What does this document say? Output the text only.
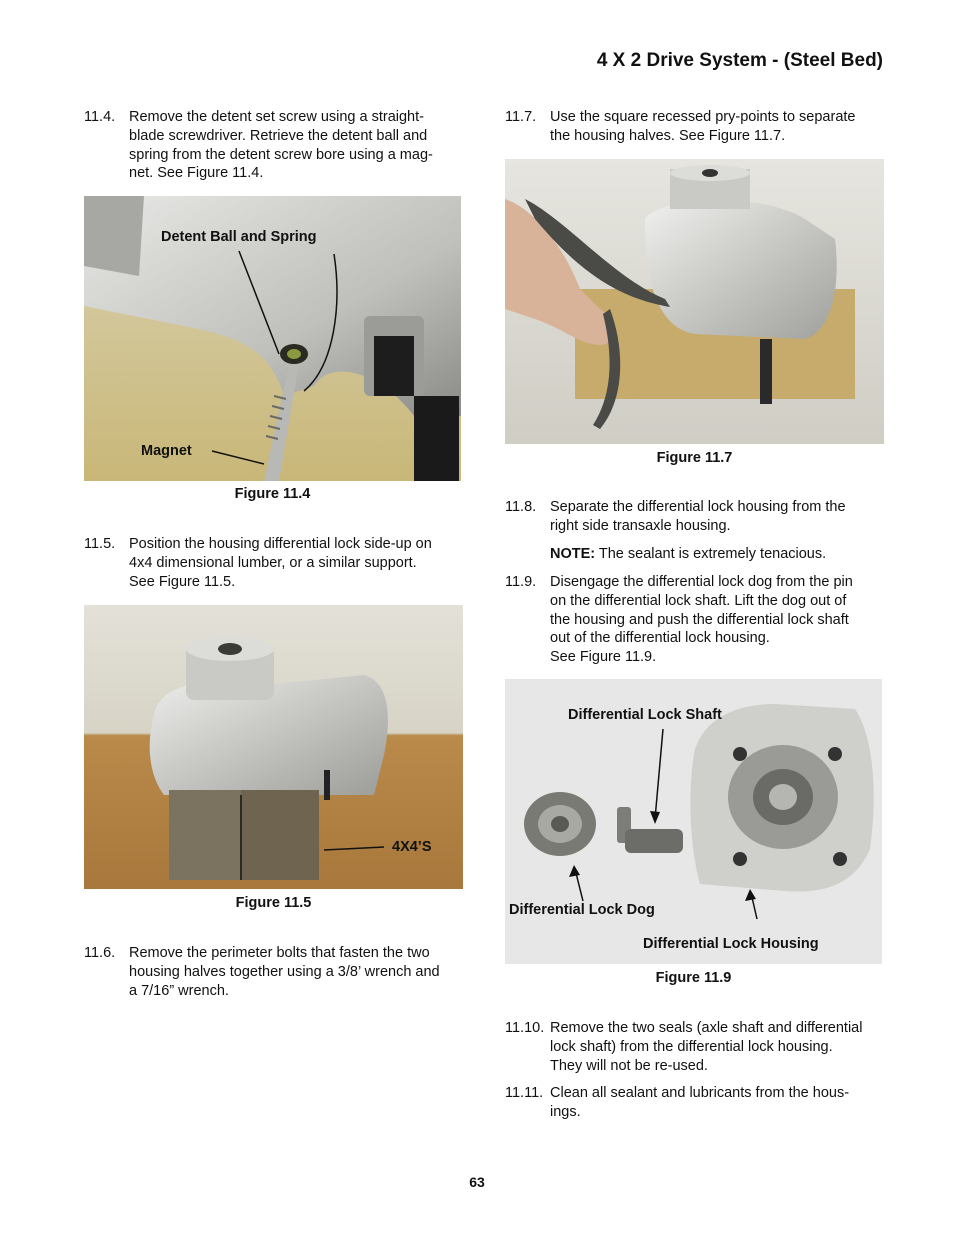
4 X 2 Drive System - (Steel Bed)
11.4. Remove the detent set screw using a straight-
blade screwdriver. Retrieve the detent ball and
spring from the detent screw bore using a mag-
net. See Figure 11.4.
Detent Ball and Spring
Magnet
Figure 11.4
11.5. Position the housing differential lock side-up on
4x4 dimensional lumber, or a similar support.
See Figure 11.5.
4X4’S
Figure 11.5
11.6. Remove the perimeter bolts that fasten the two
housing halves together using a 3/8’ wrench and
a 7/16” wrench.
11.7. Use the square recessed pry-points to separate
the housing halves. See Figure 11.7.
Figure 11.7
11.8. Separate the differential lock housing from the
right side transaxle housing.
NOTE: The sealant is extremely tenacious.
11.9. Disengage the differential lock dog from the pin
on the differential lock shaft. Lift the dog out of
the housing and push the differential lock shaft
out of the differential lock housing.
See Figure 11.9.
Differential Lock Shaft
Differential Lock Dog
Differential Lock Housing
Figure 11.9
11.10. Remove the two seals (axle shaft and differential
lock shaft) from the differential lock housing.
They will not be re-used.
11.11. Clean all sealant and lubricants from the hous-
ings.
63
